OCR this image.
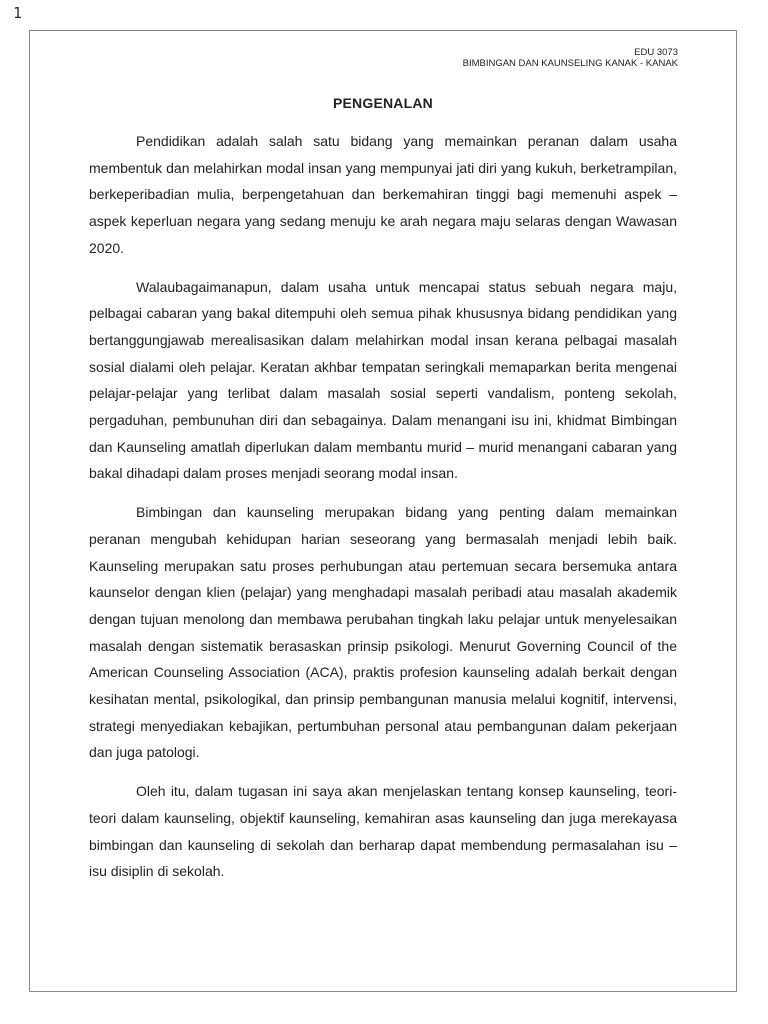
1
EDU 3073
BIMBINGAN DAN KAUNSELING KANAK - KANAK
PENGENALAN

Pendidikan adalah salah satu bidang yang memainkan peranan dalam usaha membentuk dan melahirkan modal insan yang mempunyai jati diri yang kukuh, berketrampilan, berkeperibadian mulia, berpengetahuan dan berkemahiran tinggi bagi memenuhi aspek – aspek keperluan negara yang sedang menuju ke arah negara maju selaras dengan Wawasan 2020.

Walaubagaimanapun, dalam usaha untuk mencapai status sebuah negara maju, pelbagai cabaran yang bakal ditempuhi oleh semua pihak khususnya bidang pendidikan yang bertanggungjawab merealisasikan dalam melahirkan modal insan kerana pelbagai masalah sosial dialami oleh pelajar. Keratan akhbar tempatan seringkali memaparkan berita mengenai pelajar-pelajar yang terlibat dalam masalah sosial seperti vandalism, ponteng sekolah, pergaduhan, pembunuhan diri dan sebagainya. Dalam menangani isu ini, khidmat Bimbingan dan Kaunseling amatlah diperlukan dalam membantu murid – murid menangani cabaran yang bakal dihadapi dalam proses menjadi seorang modal insan.

Bimbingan dan kaunseling merupakan bidang yang penting dalam memainkan peranan mengubah kehidupan harian seseorang yang bermasalah menjadi lebih baik. Kaunseling merupakan satu proses perhubungan atau pertemuan secara bersemuka antara kaunselor dengan klien (pelajar) yang menghadapi masalah peribadi atau masalah akademik dengan tujuan menolong dan membawa perubahan tingkah laku pelajar untuk menyelesaikan masalah dengan sistematik berasaskan prinsip psikologi. Menurut Governing Council of the American Counseling Association (ACA), praktis profesion kaunseling adalah berkait dengan kesihatan mental, psikologikal, dan prinsip pembangunan manusia melalui kognitif, intervensi, strategi menyediakan kebajikan, pertumbuhan personal atau pembangunan dalam pekerjaan dan juga patologi.

Oleh itu, dalam tugasan ini saya akan menjelaskan tentang konsep kaunseling, teori-teori dalam kaunseling, objektif kaunseling, kemahiran asas kaunseling dan juga merekayasa bimbingan dan kaunseling di sekolah dan berharap dapat membendung permasalahan isu – isu disiplin di sekolah.
